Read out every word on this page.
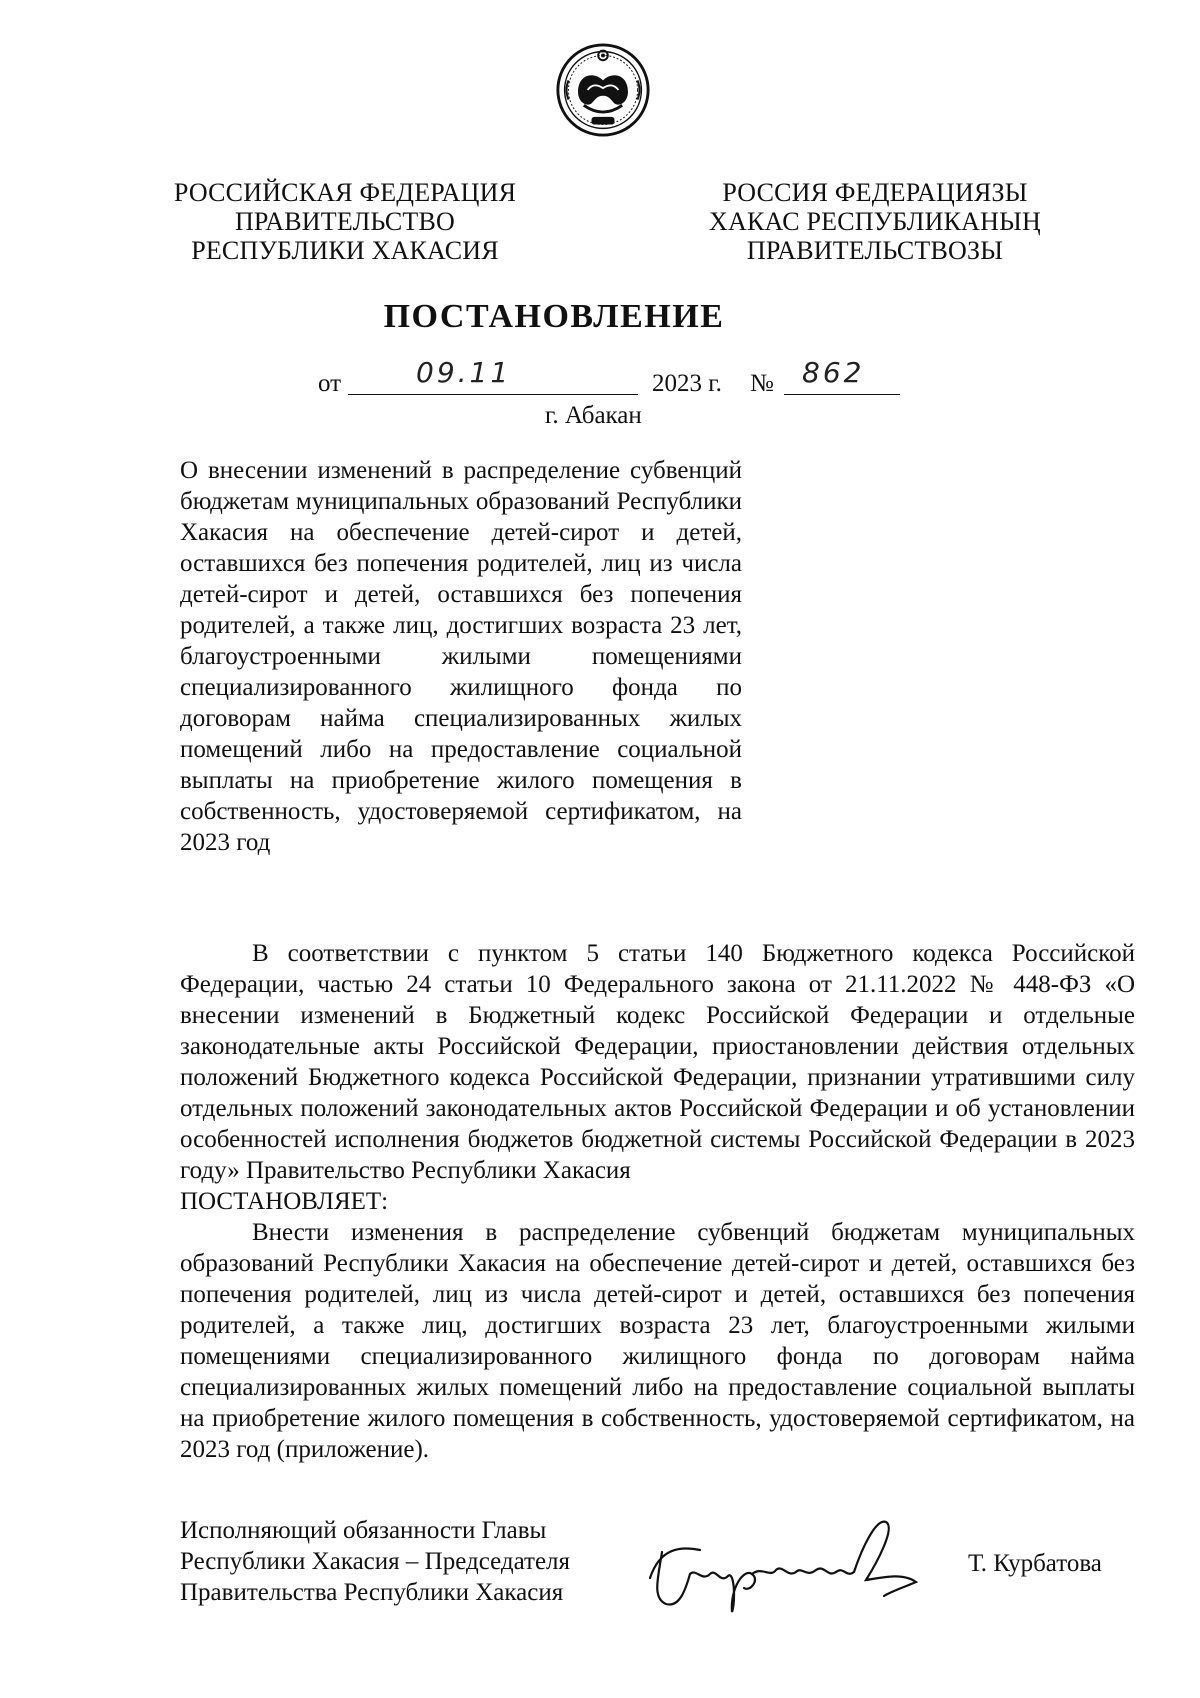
РОССИЙСКАЯ ФЕДЕРАЦИЯ
ПРАВИТЕЛЬСТВО
РЕСПУБЛИКИ ХАКАСИЯ
РОССИЯ ФЕДЕРАЦИЯЗЫ
ХАКАС РЕСПУБЛИКАНЫҢ
ПРАВИТЕЛЬСТВОЗЫ
ПОСТАНОВЛЕНИЕ
от	09.11	2023 г. № 862
г. Абакан

О внесении изменений в распределение субвенций бюджетам муниципальных образований Республики Хакасия на обеспечение детей-сирот и детей, оставшихся без попечения родителей, лиц из числа детей-сирот и детей, оставшихся без попечения родителей, а также лиц, достигших возраста 23 лет, благоустроенными жилыми помещениями специализированного жилищного фонда по договорам найма специализированных жилых помещений либо на предоставление социальной выплаты на приобретение жилого помещения в собственность, удостоверяемой сертификатом, на 2023 год

В соответствии с пунктом 5 статьи 140 Бюджетного кодекса Российской Федерации, частью 24 статьи 10 Федерального закона от 21.11.2022 № 448-ФЗ «О внесении изменений в Бюджетный кодекс Российской Федерации и отдельные законодательные акты Российской Федерации, приостановлении действия отдельных положений Бюджетного кодекса Российской Федерации, признании утратившими силу отдельных положений законодательных актов Российской Федерации и об установлении особенностей исполнения бюджетов бюджетной системы Российской Федерации в 2023 году» Правительство Республики Хакасия

ПОСТАНОВЛЯЕТ:

Внести изменения в распределение субвенций бюджетам муниципальных образований Республики Хакасия на обеспечение детей-сирот и детей, оставшихся без попечения родителей, лиц из числа детей-сирот и детей, оставшихся без попечения родителей, а также лиц, достигших возраста 23 лет, благоустроенными жилыми помещениями специализированного жилищного фонда по договорам найма специализированных жилых помещений либо на предоставление социальной выплаты на приобретение жилого помещения в собственность, удостоверяемой сертификатом, на 2023 год (приложение).

Исполняющий обязанности Главы
Республики Хакасия – Председателя
Правительства Республики Хакасия
Т. Курбатова
